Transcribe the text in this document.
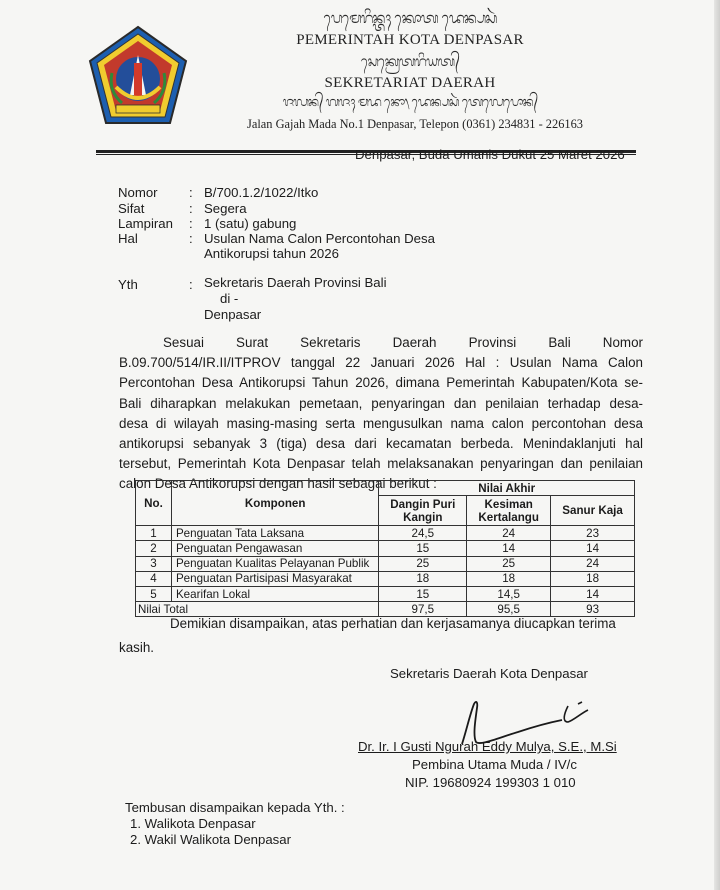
ᬧᬾᬫᬾᬭᬶᬦ᭄ᬢᬄ ᬓᭀᬢ ᬤᬾᬦ᭄ᬧᬲᬃ
PEMERINTAH KOTA DENPASAR
ᬲᬾᬓ᭄ᬭᬾᬢᬭᬶᬬᬢ᭄
SEKRETARIAT DAERAH
ᬚᬮᬦ᭄ ᬕᬚᬄ ᬫᬤ ᬦᭀ᭞ ᬤᬾᬦ᭄ᬧᬲᬃ ᬢᬾᬮᬾᬧᭀᬦ᭄
Jalan Gajah Mada No.1 Denpasar, Telepon (0361) 234831 - 226163
Denpasar, Buda Umanis Dukut 25 Maret 2026
Nomor : B/700.1.2/1022/Itko
Sifat	: Segera
Lampiran : 1 (satu) gabung
Hal	: Usulan Nama Calon Percontohan Desa
Antikorupsi tahun 2026
Yth	: Sekretaris Daerah Provinsi Bali
di -
Denpasar
Sesuai Surat Sekretaris Daerah Provinsi Bali Nomor
B.09.700/514/IR.II/ITPROV tanggal 22 Januari 2026 Hal : Usulan Nama Calon
Percontohan Desa Antikorupsi Tahun 2026, dimana Pemerintah Kabupaten/Kota se-
Bali diharapkan melakukan pemetaan, penyaringan dan penilaian terhadap desa-
desa di wilayah masing-masing serta mengusulkan nama calon percontohan desa
antikorupsi sebanyak 3 (tiga) desa dari kecamatan berbeda. Menindaklanjuti hal
tersebut, Pemerintah Kota Denpasar telah melaksanakan penyaringan dan penilaian
calon Desa Antikorupsi dengan hasil sebagai berikut :
No.	Komponen	Nilai Akhir		
		Dangin Puri Kangin	Kesiman Kertalangu	Sanur Kaja
1	Penguatan Tata Laksana	24,5	24	23
2	Penguatan Pengawasan	15	14	14
3	Penguatan Kualitas Pelayanan Publik	25	25	24
4	Penguatan Partisipasi Masyarakat	18	18	18
5	Kearifan Lokal	15	14,5	14
Nilai Total		97,5	95,5	93
Demikian disampaikan, atas perhatian dan kerjasamanya diucapkan terima
kasih.
Sekretaris Daerah Kota Denpasar
Dr. Ir. I Gusti Ngurah Eddy Mulya, S.E., M.Si
Pembina Utama Muda / IV/c
NIP. 19680924 199303 1 010
Tembusan disampaikan kepada Yth. :
1. Walikota Denpasar
2. Wakil Walikota Denpasar
